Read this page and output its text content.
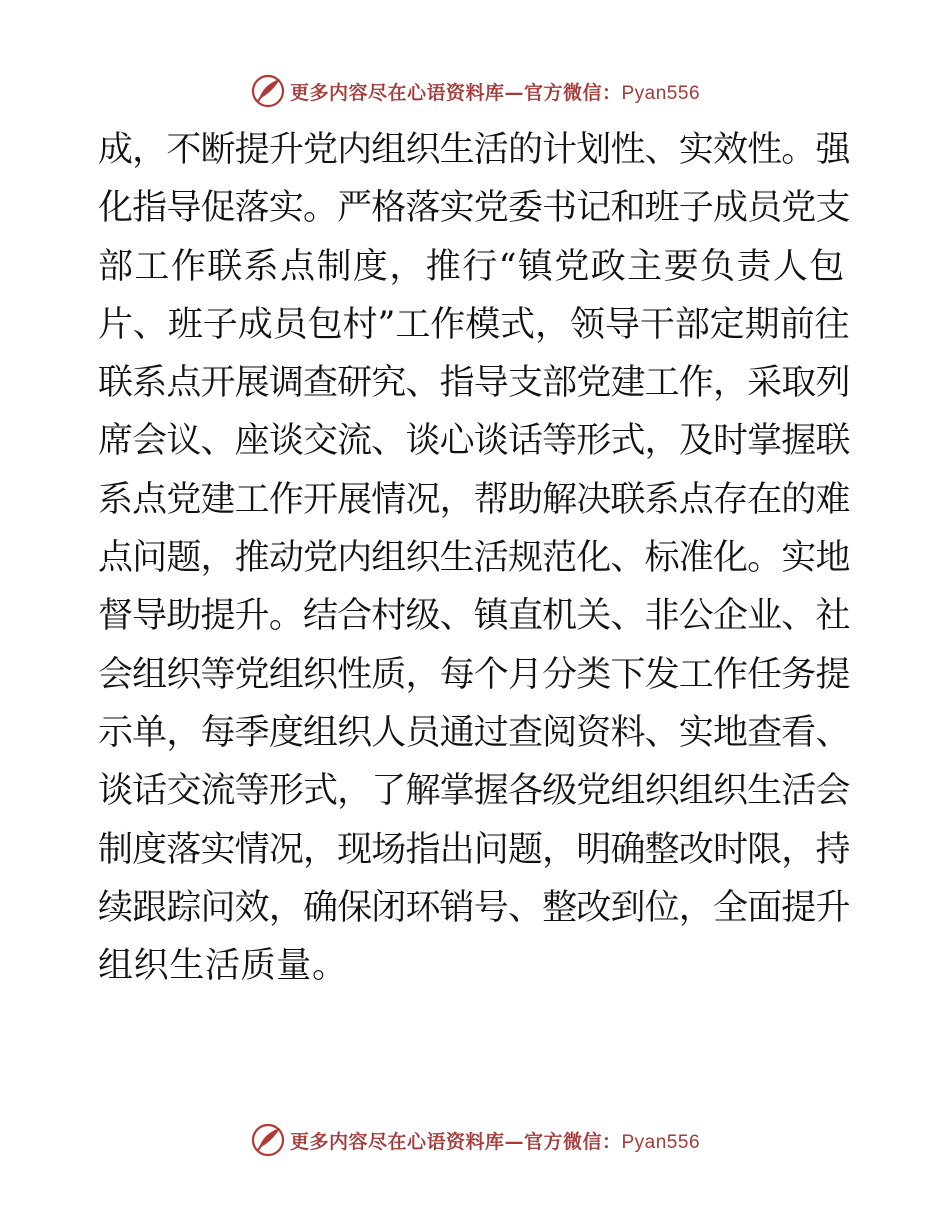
更多内容尽在心语资料库—官方微信：Pyan556
成，不断提升党内组织生活的计划性、实效性。强
化指导促落实。严格落实党委书记和班子成员党支
部工作联系点制度，推行“镇党政主要负责人包
片、班子成员包村”工作模式，领导干部定期前往
联系点开展调查研究、指导支部党建工作，采取列
席会议、座谈交流、谈心谈话等形式，及时掌握联
系点党建工作开展情况，帮助解决联系点存在的难
点问题，推动党内组织生活规范化、标准化。实地
督导助提升。结合村级、镇直机关、非公企业、社
会组织等党组织性质，每个月分类下发工作任务提
示单，每季度组织人员通过查阅资料、实地查看、
谈话交流等形式，了解掌握各级党组织组织生活会
制度落实情况，现场指出问题，明确整改时限，持
续跟踪问效，确保闭环销号、整改到位，全面提升
组织生活质量。
更多内容尽在心语资料库—官方微信：Pyan556
